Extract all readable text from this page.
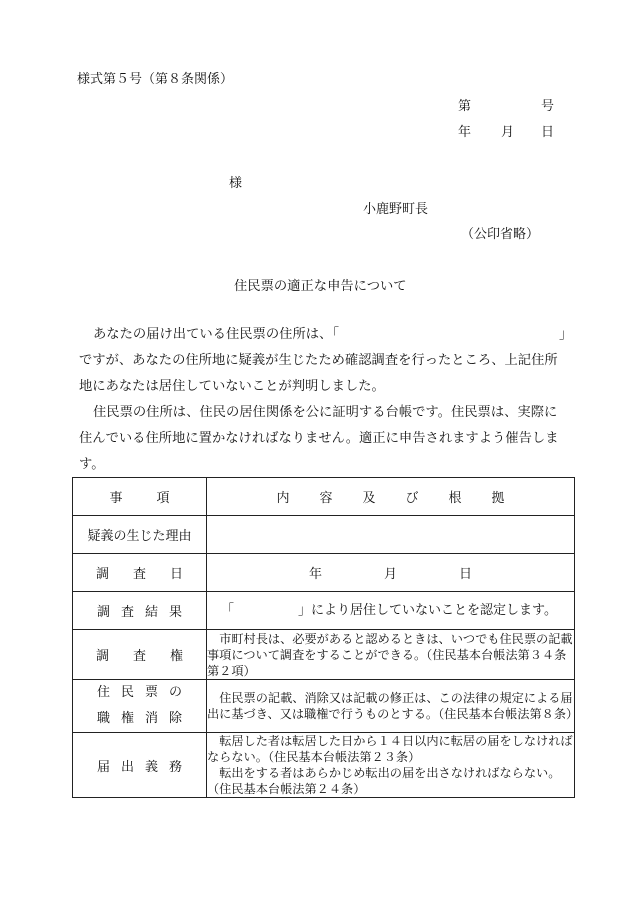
様式第５号（第８条関係）
第	号
年 月 日
様
小鹿野町長
（公印省略）
住民票の適正な申告について
あなたの届け出ている住民票の住所は、「	」
ですが、あなたの住所地に疑義が生じたため確認調査を行ったところ、上記住所
地にあなたは居住していないことが判明しました。
住民票の住所は、住民の居住関係を公に証明する台帳です。住民票は、実際に
住んでいる住所地に置かなければなりません。適正に申告されますよう催告しま
す。
事 項	内 容 及 び 根 拠
疑義の生じた理由	
調 査 日	年 月 日
調 査 結 果	「 」により居住していないことを認定します。
調 査 権	市町村長は、必要があると認めるときは、いつでも住民票の記載事項について調査をすることができる。（住民基本台帳法第３４条第２項）

住 民 票 の
職 権 消 除	住民票の記載、消除又は記載の修正は、この法律の規定による届出に基づき、又は職権で行うものとする。（住民基本台帳法第８条）

届 出 義 務	転居した者は転居した日から１４日以内に転居の届をしなければならない。（住民基本台帳法第２３条）
転出をする者はあらかじめ転出の届を出さなければならない。（住民基本台帳法第２４条）
